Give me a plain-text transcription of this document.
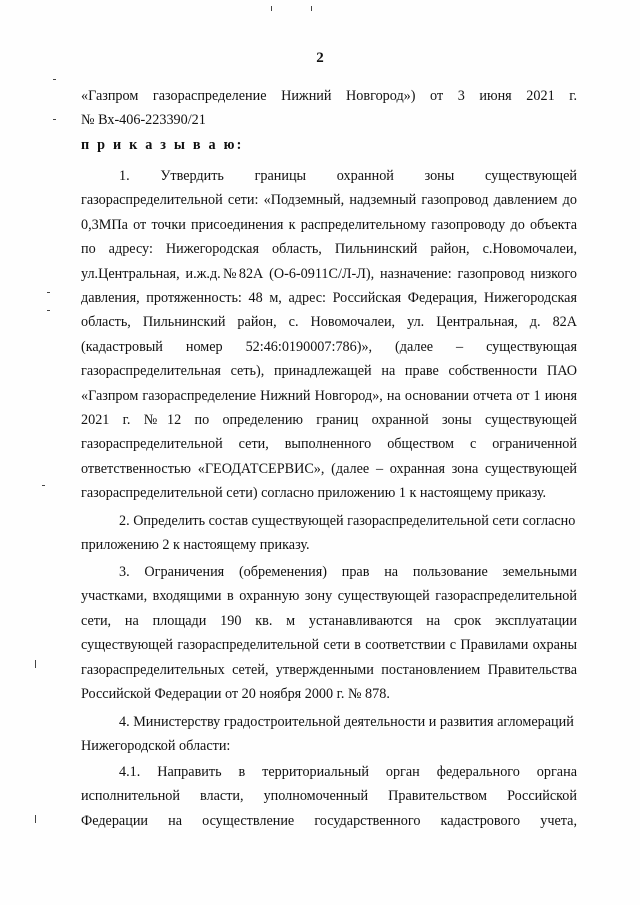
2
«Газпром газораспределение Нижний Новгород») от 3 июня 2021 г.
№ Вх-406-223390/21
п р и к а з ы в а ю:
1. Утвердить границы охранной зоны существующей
газораспределительной сети: «Подземный, надземный газопровод давлением до
0,3МПа от точки присоединения к распределительному газопроводу до объекта
по адресу: Нижегородская область, Пильнинский район, с.Новомочалеи,
ул.Центральная, и.ж.д.№82А (О-6-0911С/Л-Л), назначение: газопровод низкого
давления, протяженность: 48 м, адрес: Российская Федерация, Нижегородская
область, Пильнинский район, с. Новомочалеи, ул. Центральная, д. 82А
(кадастровый номер 52:46:0190007:786)», (далее – существующая
газораспределительная сеть), принадлежащей на праве собственности ПАО
«Газпром газораспределение Нижний Новгород», на основании отчета от 1 июня
2021 г. №12 по определению границ охранной зоны существующей
газораспределительной сети, выполненного обществом с ограниченной
ответственностью «ГЕОДАТСЕРВИС», (далее – охранная зона существующей
газораспределительной сети) согласно приложению 1 к настоящему приказу.
2. Определить состав существующей газораспределительной сети согласно
приложению 2 к настоящему приказу.
3. Ограничения (обременения) прав на пользование земельными
участками, входящими в охранную зону существующей газораспределительной
сети, на площади 190 кв. м устанавливаются на срок эксплуатации
существующей газораспределительной сети в соответствии с Правилами охраны
газораспределительных сетей, утвержденными постановлением Правительства
Российской Федерации от 20 ноября 2000 г. № 878.
4. Министерству градостроительной деятельности и развития агломераций
Нижегородской области:
4.1. Направить в территориальный орган федерального органа
исполнительной власти, уполномоченный Правительством Российской
Федерации на осуществление государственного кадастрового учета,
